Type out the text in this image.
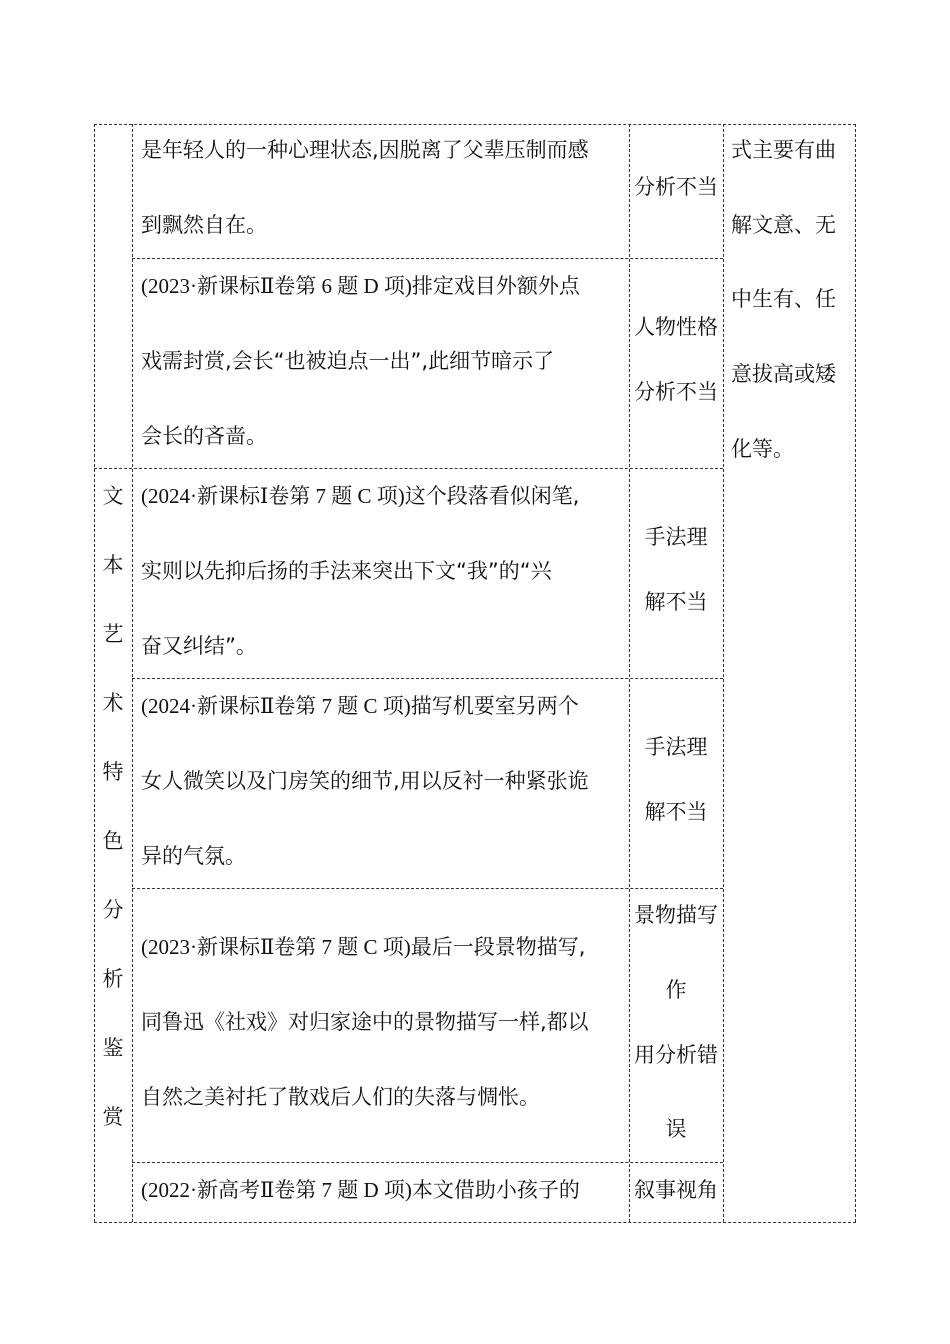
是年轻人的一种心理状态,因脱离了父辈压制而感
到飘然自在。
分析不当
(2023·新课标Ⅱ卷第 6 题 D 项)排定戏目外额外点
戏需封赏,会长“也被迫点一出”,此细节暗示了
会长的吝啬。
人物性格
分析不当
(2024·新课标Ⅰ卷第 7 题 C 项)这个段落看似闲笔,
实则以先抑后扬的手法来突出下文“我”的“兴
奋又纠结”。
手法理
解不当
(2024·新课标Ⅱ卷第 7 题 C 项)描写机要室另两个
女人微笑以及门房笑的细节,用以反衬一种紧张诡
异的气氛。
手法理
解不当
(2023·新课标Ⅱ卷第 7 题 C 项)最后一段景物描写,
同鲁迅《社戏》对归家途中的景物描写一样,都以
自然之美衬托了散戏后人们的失落与惆怅。
景物描写
作
用分析错
误
(2022·新高考Ⅱ卷第 7 题 D 项)本文借助小孩子的	叙事视角
文
本
艺
术
特
色
分
析
鉴
赏
式主要有曲
解文意、无
中生有、任
意拔高或矮
化等。
